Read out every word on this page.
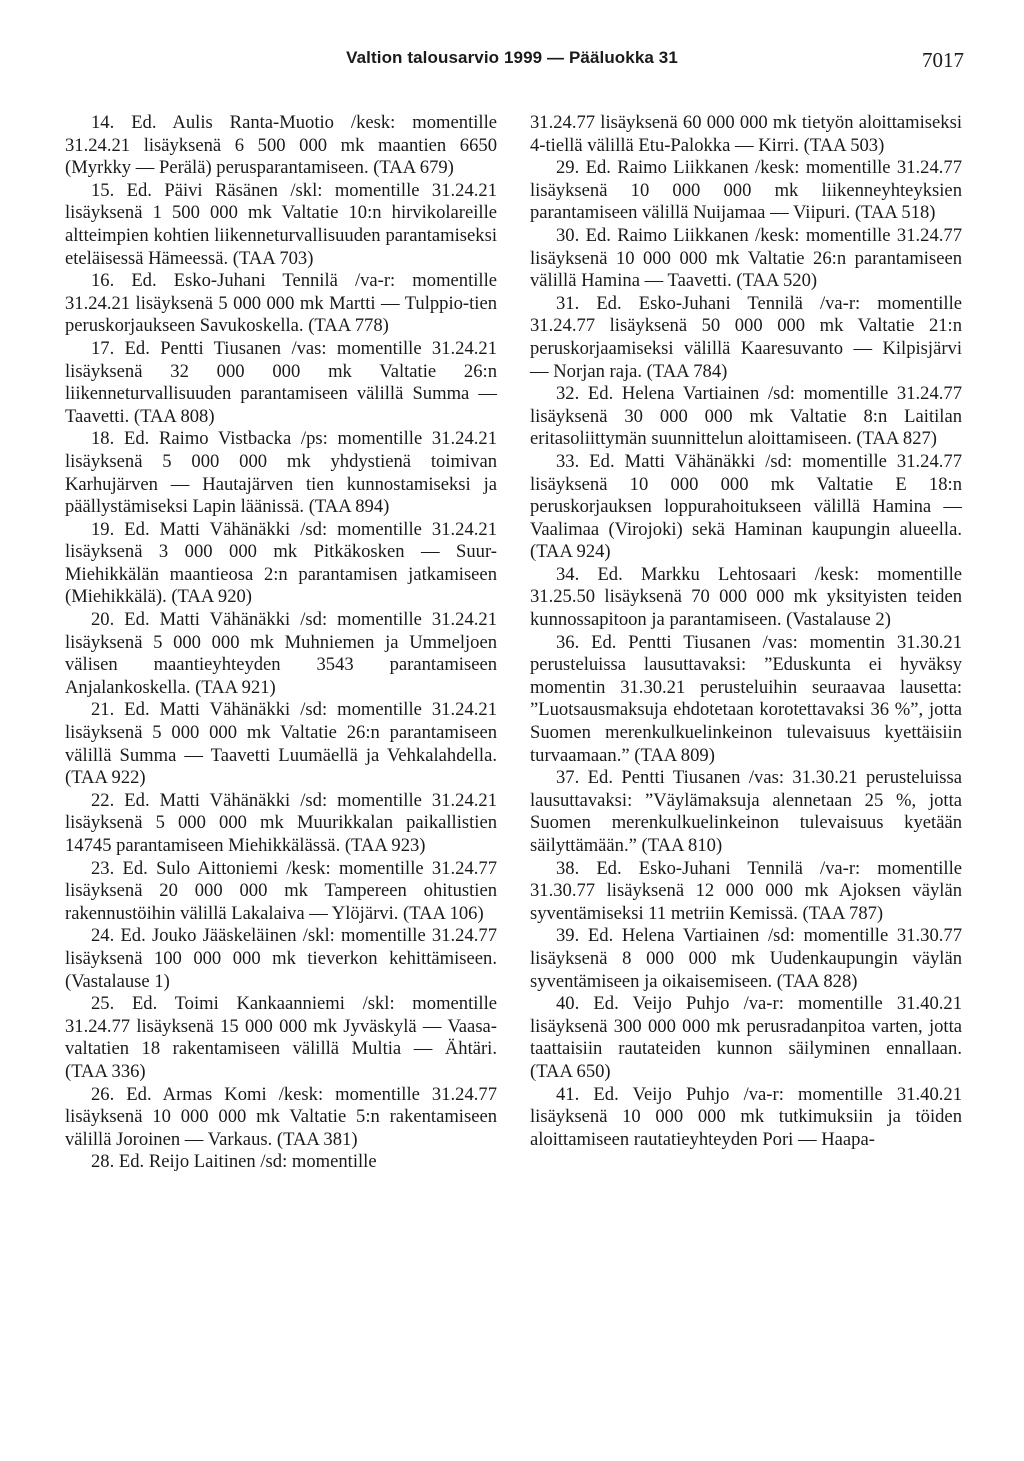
Valtion talousarvio 1999 — Pääluokka 31	7017

14. Ed. Aulis Ranta-Muotio /kesk: momentille 31.24.21 lisäyksenä 6 500 000 mk maantien 6650 (Myrkky — Perälä) perusparantamiseen. (TAA 679)

15. Ed. Päivi Räsänen /skl: momentille 31.24.21 lisäyksenä 1 500 000 mk Valtatie 10:n hirvikolareille altteimpien kohtien liikenneturvallisuuden parantamiseksi eteläisessä Hämeessä. (TAA 703)

16. Ed. Esko-Juhani Tennilä /va-r: momentille 31.24.21 lisäyksenä 5 000 000 mk Martti — Tulppio-tien peruskorjaukseen Savukoskella. (TAA 778)

17. Ed. Pentti Tiusanen /vas: momentille 31.24.21 lisäyksenä 32 000 000 mk Valtatie 26:n liikenneturvallisuuden parantamiseen välillä Summa — Taavetti. (TAA 808)

18. Ed. Raimo Vistbacka /ps: momentille 31.24.21 lisäyksenä 5 000 000 mk yhdystienä toimivan Karhujärven — Hautajärven tien kunnostamiseksi ja päällystämiseksi Lapin läänissä. (TAA 894)

19. Ed. Matti Vähänäkki /sd: momentille 31.24.21 lisäyksenä 3 000 000 mk Pitkäkosken — Suur-Miehikkälän maantieosa 2:n parantamisen jatkamiseen (Miehikkälä). (TAA 920)

20. Ed. Matti Vähänäkki /sd: momentille 31.24.21 lisäyksenä 5 000 000 mk Muhniemen ja Ummeljoen välisen maantieyhteyden 3543 parantamiseen Anjalankoskella. (TAA 921)

21. Ed. Matti Vähänäkki /sd: momentille 31.24.21 lisäyksenä 5 000 000 mk Valtatie 26:n parantamiseen välillä Summa — Taavetti Luumäellä ja Vehkalahdella. (TAA 922)

22. Ed. Matti Vähänäkki /sd: momentille 31.24.21 lisäyksenä 5 000 000 mk Muurikkalan paikallistien 14745 parantamiseen Miehikkälässä. (TAA 923)

23. Ed. Sulo Aittoniemi /kesk: momentille 31.24.77 lisäyksenä 20 000 000 mk Tampereen ohitustien rakennustöihin välillä Lakalaiva — Ylöjärvi. (TAA 106)

24. Ed. Jouko Jääskeläinen /skl: momentille 31.24.77 lisäyksenä 100 000 000 mk tieverkon kehittämiseen. (Vastalause 1)

25. Ed. Toimi Kankaanniemi /skl: momentille 31.24.77 lisäyksenä 15 000 000 mk Jyväskylä — Vaasa-valtatien 18 rakentamiseen välillä Multia — Ähtäri. (TAA 336)

26. Ed. Armas Komi /kesk: momentille 31.24.77 lisäyksenä 10 000 000 mk Valtatie 5:n rakentamiseen välillä Joroinen — Varkaus. (TAA 381)

28. Ed. Reijo Laitinen /sd: momentille

31.24.77 lisäyksenä 60 000 000 mk tietyön aloittamiseksi 4-tiellä välillä Etu-Palokka — Kirri. (TAA 503)

29. Ed. Raimo Liikkanen /kesk: momentille 31.24.77 lisäyksenä 10 000 000 mk liikenneyhteyksien parantamiseen välillä Nuijamaa — Viipuri. (TAA 518)

30. Ed. Raimo Liikkanen /kesk: momentille 31.24.77 lisäyksenä 10 000 000 mk Valtatie 26:n parantamiseen välillä Hamina — Taavetti. (TAA 520)

31. Ed. Esko-Juhani Tennilä /va-r: momentille 31.24.77 lisäyksenä 50 000 000 mk Valtatie 21:n peruskorjaamiseksi välillä Kaaresuvanto — Kilpisjärvi — Norjan raja. (TAA 784)

32. Ed. Helena Vartiainen /sd: momentille 31.24.77 lisäyksenä 30 000 000 mk Valtatie 8:n Laitilan eritasoliittymän suunnittelun aloittamiseen. (TAA 827)

33. Ed. Matti Vähänäkki /sd: momentille 31.24.77 lisäyksenä 10 000 000 mk Valtatie E 18:n peruskorjauksen loppurahoitukseen välillä Hamina — Vaalimaa (Virojoki) sekä Haminan kaupungin alueella. (TAA 924)

34. Ed. Markku Lehtosaari /kesk: momentille 31.25.50 lisäyksenä 70 000 000 mk yksityisten teiden kunnossapitoon ja parantamiseen. (Vastalause 2)

36. Ed. Pentti Tiusanen /vas: momentin 31.30.21 perusteluissa lausuttavaksi: ”Eduskunta ei hyväksy momentin 31.30.21 perusteluihin seuraavaa lausetta: ”Luotsausmaksuja ehdotetaan korotettavaksi 36 %”, jotta Suomen merenkulkuelinkeinon tulevaisuus kyettäisiin turvaamaan.” (TAA 809)

37. Ed. Pentti Tiusanen /vas: 31.30.21 perusteluissa lausuttavaksi: ”Väylämaksuja alennetaan 25 %, jotta Suomen merenkulkuelinkeinon tulevaisuus kyetään säilyttämään.” (TAA 810)

38. Ed. Esko-Juhani Tennilä /va-r: momentille 31.30.77 lisäyksenä 12 000 000 mk Ajoksen väylän syventämiseksi 11 metriin Kemissä. (TAA 787)

39. Ed. Helena Vartiainen /sd: momentille 31.30.77 lisäyksenä 8 000 000 mk Uudenkaupungin väylän syventämiseen ja oikaisemiseen. (TAA 828)

40. Ed. Veijo Puhjo /va-r: momentille 31.40.21 lisäyksenä 300 000 000 mk perusradanpitoa varten, jotta taattaisiin rautateiden kunnon säilyminen ennallaan. (TAA 650)

41. Ed. Veijo Puhjo /va-r: momentille 31.40.21 lisäyksenä 10 000 000 mk tutkimuksiin ja töiden aloittamiseen rautatieyhteyden Pori — Haapa-
